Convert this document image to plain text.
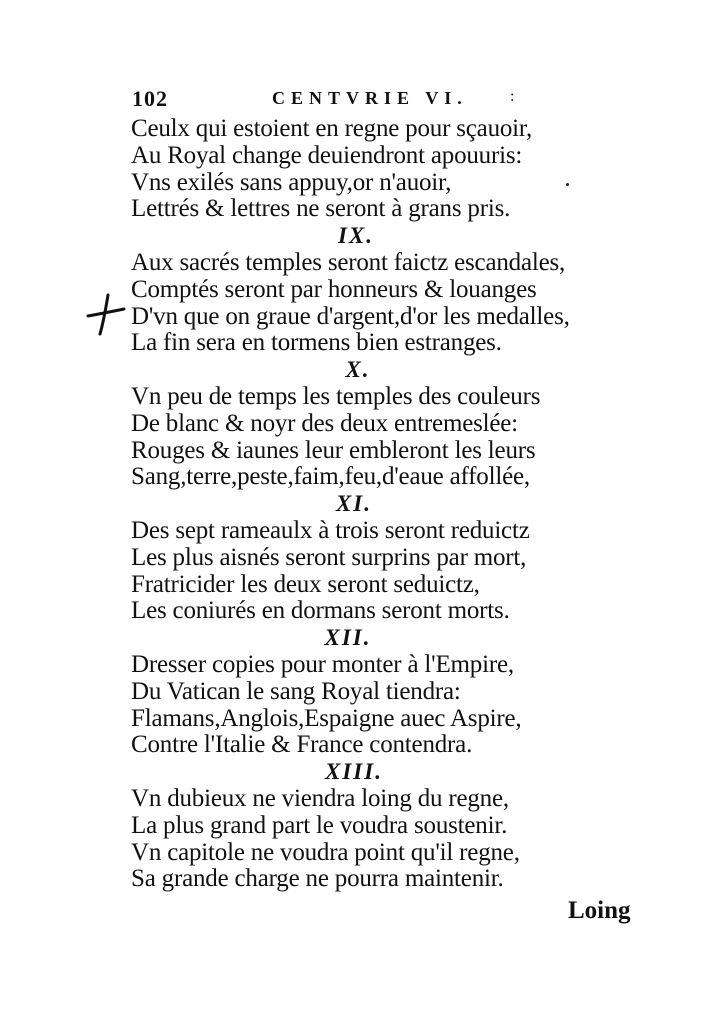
102	CENTVRIE VI.	:
Ceulx qui estoient en regne pour sçauoir,
Au Royal change deuiendront apouuris:
Vns exilés sans appuy,or n'auoir,
Lettrés & lettres ne seront à grans pris.
IX.
Aux sacrés temples seront faictz escandales,
Comptés seront par honneurs & louanges
D'vn que on graue d'argent,d'or les medalles,
La fin sera en tormens bien estranges.
X.
Vn peu de temps les temples des couleurs
De blanc & noyr des deux entremeslée:
Rouges & iaunes leur embleront les leurs
Sang,terre,peste,faim,feu,d'eaue affollée,
XI.
Des sept rameaulx à trois seront reduictz
Les plus aisnés seront surprins par mort,
Fratricider les deux seront seduictz,
Les coniurés en dormans seront morts.
XII.
Dresser copies pour monter à l'Empire,
Du Vatican le sang Royal tiendra:
Flamans,Anglois,Espaigne auec Aspire,
Contre l'Italie & France contendra.
XIII.
Vn dubieux ne viendra loing du regne,
La plus grand part le voudra soustenir.
Vn capitole ne voudra point qu'il regne,
Sa grande charge ne pourra maintenir.
Loing
